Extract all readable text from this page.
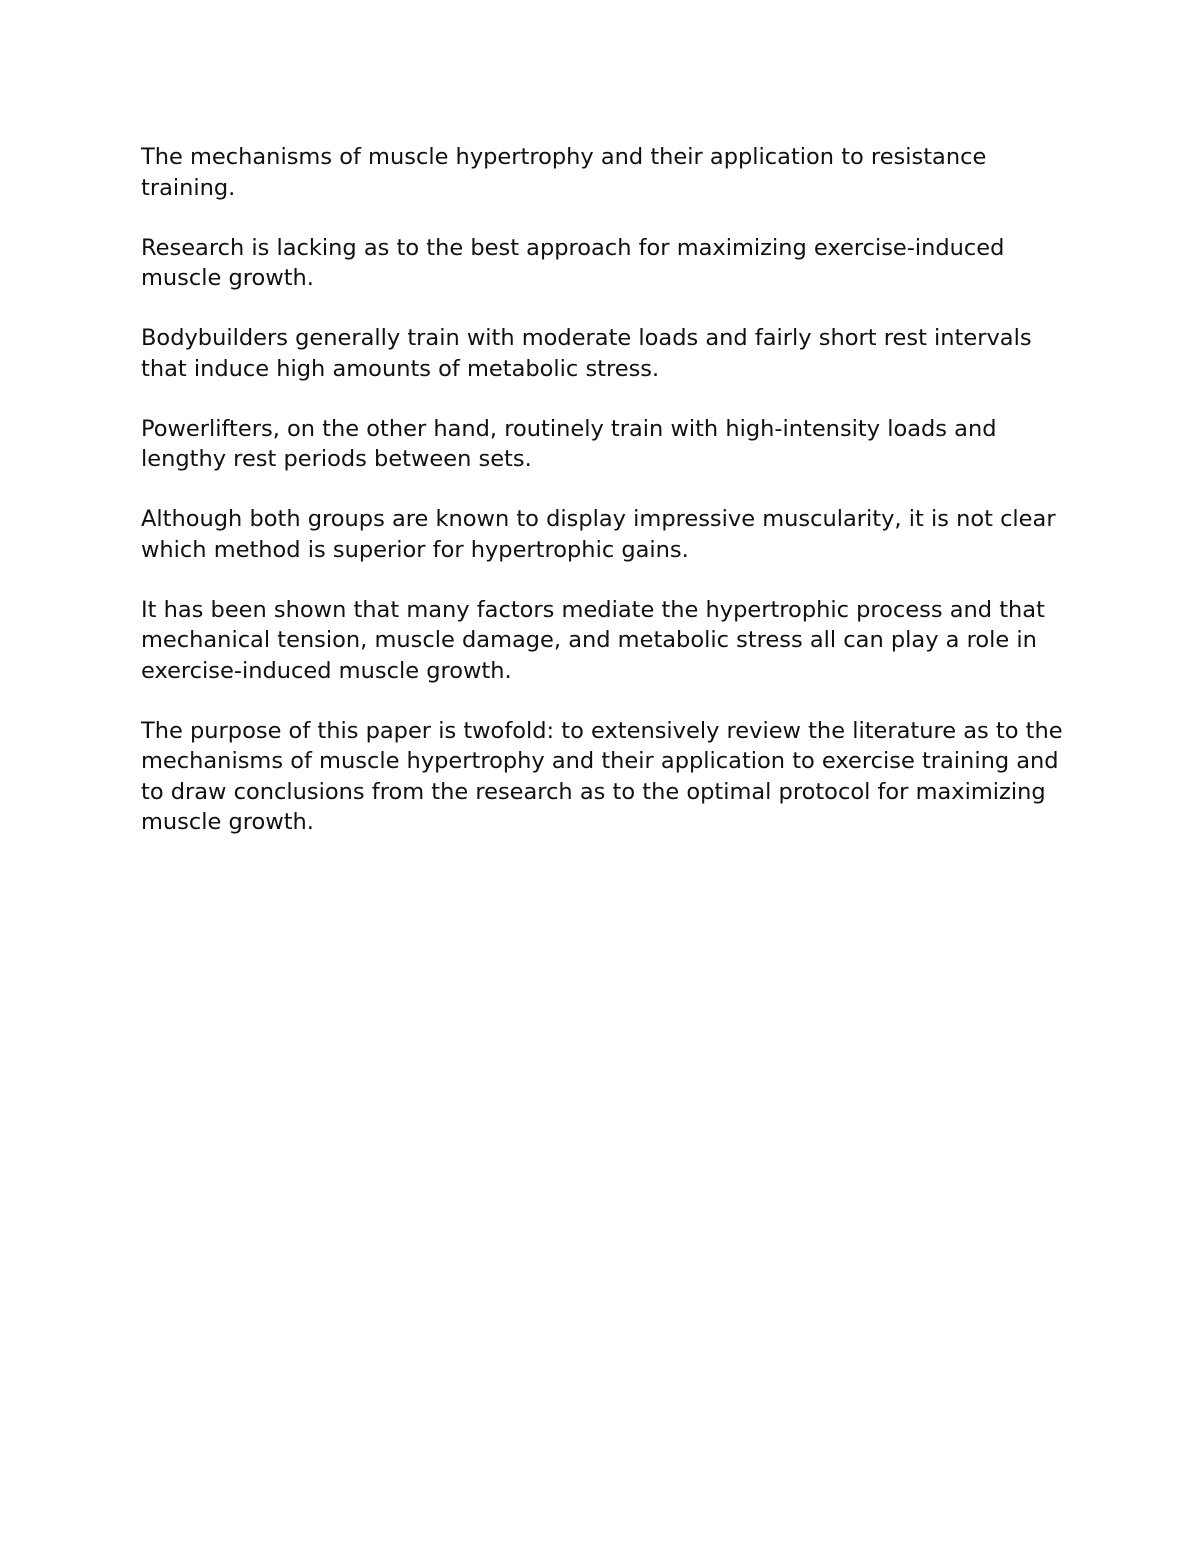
The mechanisms of muscle hypertrophy and their application to resistance training.

Research is lacking as to the best approach for maximizing exercise-induced muscle growth.

Bodybuilders generally train with moderate loads and fairly short rest intervals that induce high amounts of metabolic stress.

Powerlifters, on the other hand, routinely train with high-intensity loads and lengthy rest periods between sets.

Although both groups are known to display impressive muscularity, it is not clear which method is superior for hypertrophic gains.

It has been shown that many factors mediate the hypertrophic process and that mechanical tension, muscle damage, and metabolic stress all can play a role in exercise-induced muscle growth.

The purpose of this paper is twofold: to extensively review the literature as to the mechanisms of muscle hypertrophy and their application to exercise training and to draw conclusions from the research as to the optimal protocol for maximizing muscle growth.
